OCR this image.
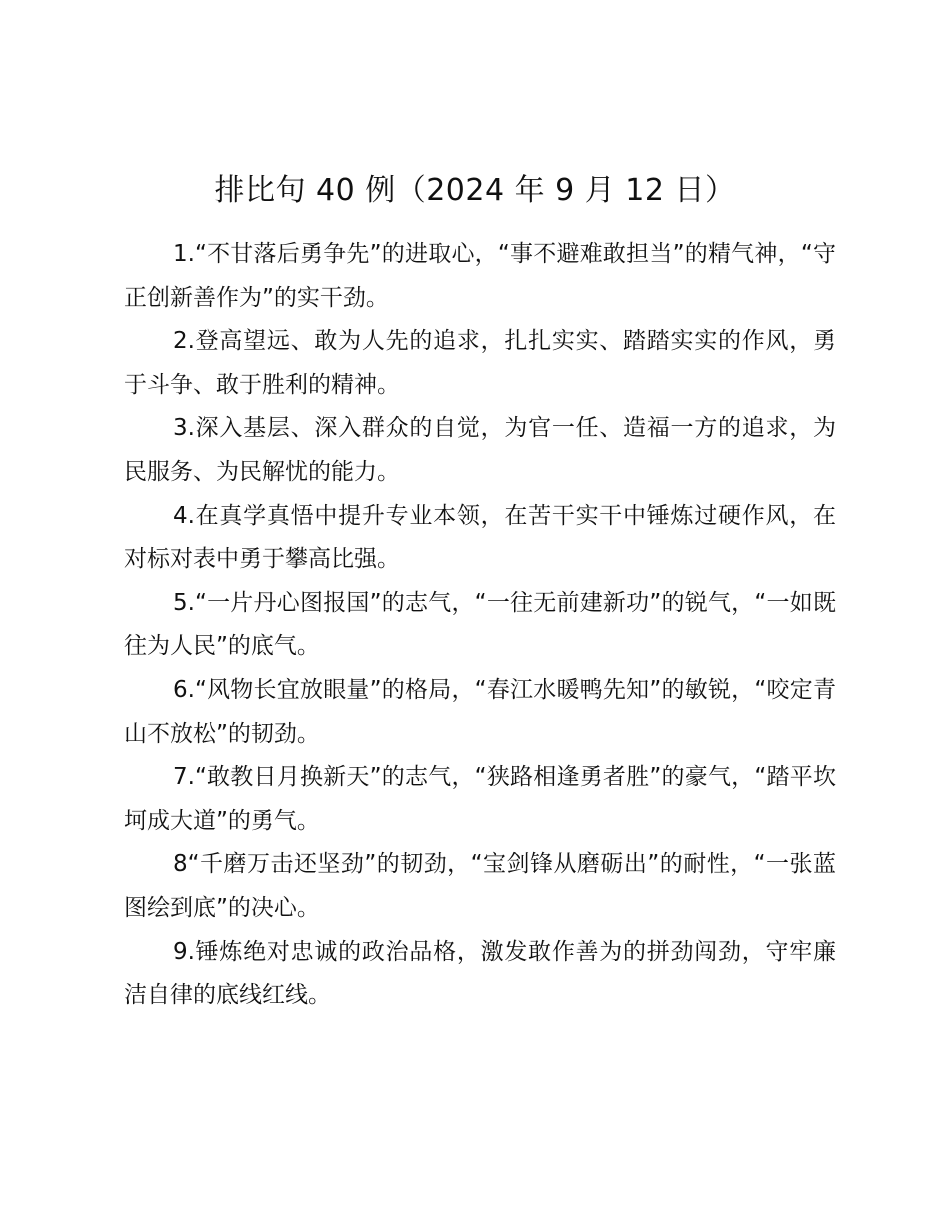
排比句 40 例（2024 年 9 月 12 日）

1.“不甘落后勇争先”的进取心，“事不避难敢担当”的精气神，“守正创新善作为”的实干劲。

2.登高望远、敢为人先的追求，扎扎实实、踏踏实实的作风，勇于斗争、敢于胜利的精神。

3.深入基层、深入群众的自觉，为官一任、造福一方的追求，为民服务、为民解忧的能力。

4.在真学真悟中提升专业本领，在苦干实干中锤炼过硬作风，在对标对表中勇于攀高比强。

5.“一片丹心图报国”的志气，“一往无前建新功”的锐气，“一如既往为人民”的底气。

6.“风物长宜放眼量”的格局，“春江水暖鸭先知”的敏锐，“咬定青山不放松”的韧劲。

7.“敢教日月换新天”的志气，“狭路相逢勇者胜”的豪气，“踏平坎坷成大道”的勇气。

8“千磨万击还坚劲”的韧劲，“宝剑锋从磨砺出”的耐性，“一张蓝图绘到底”的决心。

9.锤炼绝对忠诚的政治品格，激发敢作善为的拼劲闯劲，守牢廉洁自律的底线红线。
